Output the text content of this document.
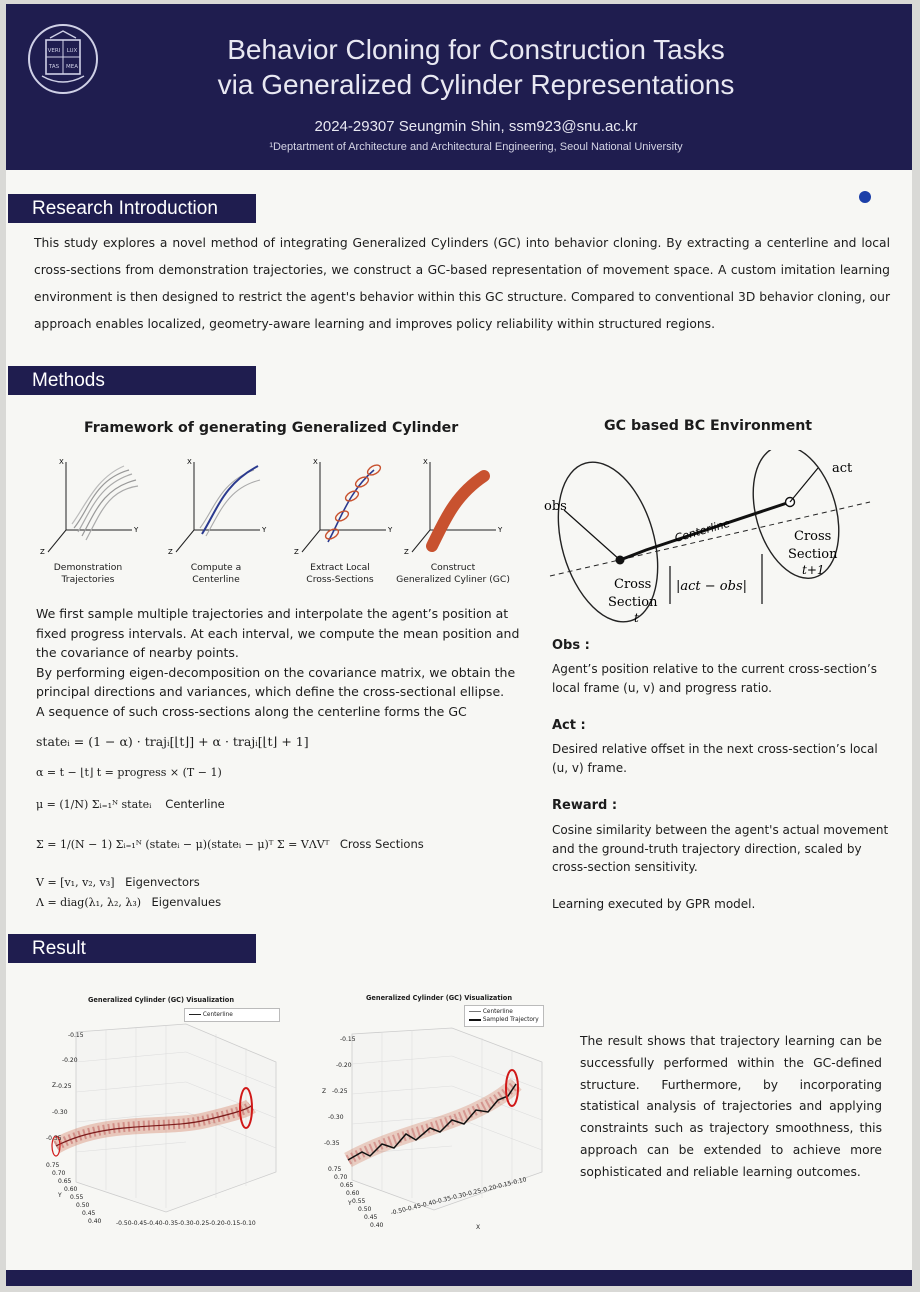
VERI LUX
TAS MEA
Behavior Cloning for Construction Tasks
via Generalized Cylinder Representations
2024-29307 Seungmin Shin, ssm923@snu.ac.kr
¹Deptartment of Architecture and Architectural Engineering, Seoul National University
Research Introduction
This study explores a novel method of integrating Generalized Cylinders (GC) into behavior cloning. By extracting a centerline and local cross-sections from demonstration trajectories, we construct a GC-based representation of movement space. A custom imitation learning environment is then designed to restrict the agent's behavior within this GC structure. Compared to conventional 3D behavior cloning, our approach enables localized, geometry-aware learning and improves policy reliability within structured regions.
Methods
Framework of generating Generalized Cylinder
X
Y
Z
X
Y
Z
X
Y
Z
X
Y
Z
Demonstration
Trajectories
Compute a
Centerline
Extract Local
Cross-Sections
Construct
Generalized Cyliner (GC)
We first sample multiple trajectories and interpolate the agent’s position at fixed progress intervals. At each interval, we compute the mean position and the covariance of nearby points.
By performing eigen-decomposition on the covariance matrix, we obtain the principal directions and variances, which define the cross-sectional ellipse.
A sequence of such cross-sections along the centerline forms the GC
stateᵢ = (1 − α) · trajᵢ[⌊t⌋] + α · trajᵢ[⌊t⌋ + 1]
α = t − ⌊t⌋ t = progress × (T − 1)
μ = (1/N) Σᵢ₌₁ᴺ stateᵢ Centerline
Σ = 1/(N − 1) Σᵢ₌₁ᴺ (stateᵢ − μ)(stateᵢ − μ)ᵀ Σ = VΛVᵀ Cross Sections
V = [v₁, v₂, v₃] Eigenvectors
Λ = diag(λ₁, λ₂, λ₃) Eigenvalues
GC based BC Environment
obs
act
Centerline
Cross
Section
t
Cross
Section
t+1
|act − obs|
Obs :
Agent’s position relative to the current cross-section’s local frame (u, v) and progress ratio.
Act :
Desired relative offset in the next cross-section’s local (u, v) frame.
Reward :
Cosine similarity between the agent's actual movement and the ground-truth trajectory direction, scaled by cross-section sensitivity.
Learning executed by GPR model.
Result
Generalized Cylinder (GC) Visualization
Centerline
-0.15
-0.20
-0.25
-0.30
-0.35
Z
0.75
0.70
0.65
0.60
0.55
0.50
0.45
0.40
Y
-0.50-0.45-0.40-0.35-0.30-0.25-0.20-0.15-0.10
Generalized Cylinder (GC) Visualization
Centerline
Sampled Trajectory
-0.15
-0.20
-0.25
-0.30
-0.35
Z
0.75
0.70
0.65
0.60
0.55
0.50
0.45
0.40
Y	-0.50-0.45-0.40-0.35-0.30-0.25-0.20-0.15-0.10
X
The result shows that trajectory learning can be successfully performed within the GC-defined structure. Furthermore, by incorporating statistical analysis of trajectories and applying constraints such as trajectory smoothness, this approach can be extended to achieve more sophisticated and reliable learning outcomes.
